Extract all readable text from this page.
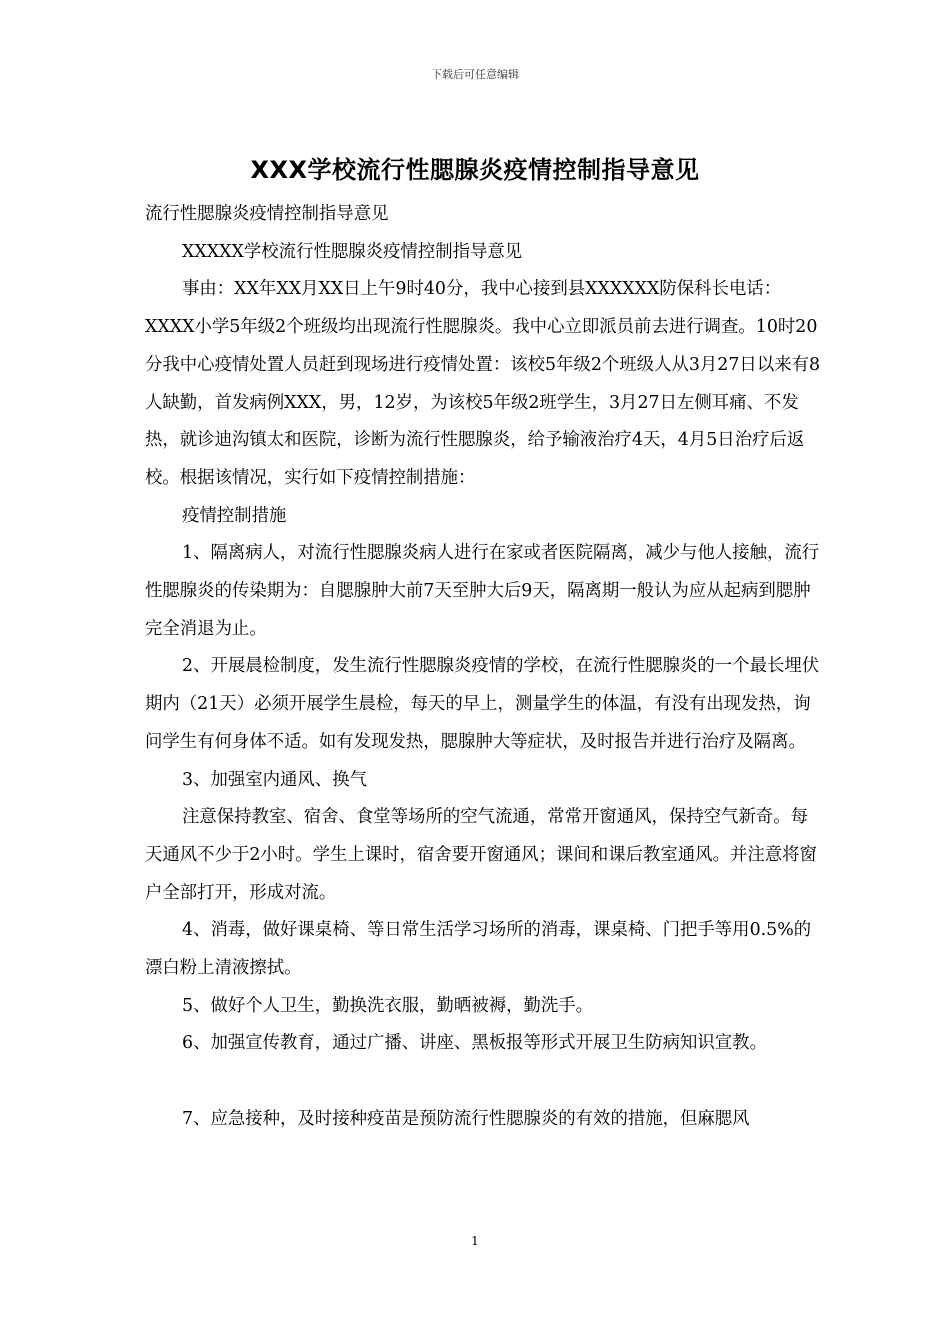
下载后可任意编辑
XXX学校流行性腮腺炎疫情控制指导意见

流行性腮腺炎疫情控制指导意见

XXXXX学校流行性腮腺炎疫情控制指导意见

事由：XX年XX月XX日上午9时40分，我中心接到县XXXXXX防保科长电话：XXXX小学5年级2个班级均出现流行性腮腺炎。我中心立即派员前去进行调查。10时20分我中心疫情处置人员赶到现场进行疫情处置：该校5年级2个班级人从3月27日以来有8人缺勤，首发病例XXX，男，12岁，为该校5年级2班学生，3月27日左侧耳痛、不发热，就诊迪沟镇太和医院，诊断为流行性腮腺炎，给予输液治疗4天，4月5日治疗后返校。根据该情况，实行如下疫情控制措施：

疫情控制措施

1、隔离病人，对流行性腮腺炎病人进行在家或者医院隔离，减少与他人接触，流行性腮腺炎的传染期为：自腮腺肿大前7天至肿大后9天，隔离期一般认为应从起病到腮肿完全消退为止。

2、开展晨检制度，发生流行性腮腺炎疫情的学校，在流行性腮腺炎的一个最长埋伏期内（21天）必须开展学生晨检，每天的早上，测量学生的体温，有没有出现发热，询问学生有何身体不适。如有发现发热，腮腺肿大等症状，及时报告并进行治疗及隔离。

3、加强室内通风、换气

注意保持教室、宿舍、食堂等场所的空气流通，常常开窗通风，保持空气新奇。每天通风不少于2小时。学生上课时，宿舍要开窗通风；课间和课后教室通风。并注意将窗户全部打开，形成对流。

4、消毒，做好课桌椅、等日常生活学习场所的消毒，课桌椅、门把手等用0.5%的漂白粉上清液擦拭。

5、做好个人卫生，勤换洗衣服，勤晒被褥，勤洗手。

6、加强宣传教育，通过广播、讲座、黑板报等形式开展卫生防病知识宣教。

7、应急接种，及时接种疫苗是预防流行性腮腺炎的有效的措施，但麻腮风

1
